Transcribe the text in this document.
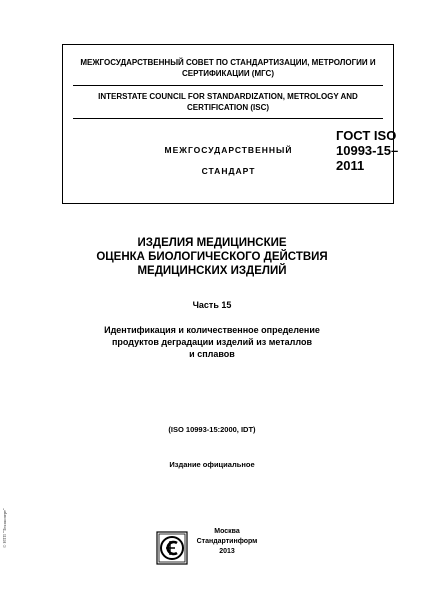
МЕЖГОСУДАРСТВЕННЫЙ СОВЕТ ПО СТАНДАРТИЗАЦИИ, МЕТРОЛОГИИ И
СЕРТИФИКАЦИИ (МГС)
INTERSTATE COUNCIL FOR STANDARDIZATION, METROLOGY AND
CERTIFICATION (ISC)
МЕЖГОСУДАРСТВЕННЫЙ
СТАНДАРТ
ГОСТ ISO
10993-15–
2011
ИЗДЕЛИЯ МЕДИЦИНСКИЕ
ОЦЕНКА БИОЛОГИЧЕСКОГО ДЕЙСТВИЯ
МЕДИЦИНСКИХ ИЗДЕЛИЙ
Часть 15
Идентификация и количественное определение
продуктов деградации изделий из металлов
и сплавов
(ISO 10993-15:2000, IDT)
Издание официальное
Москва
Стандартинформ
2013
© НТП "Техэксперт"
